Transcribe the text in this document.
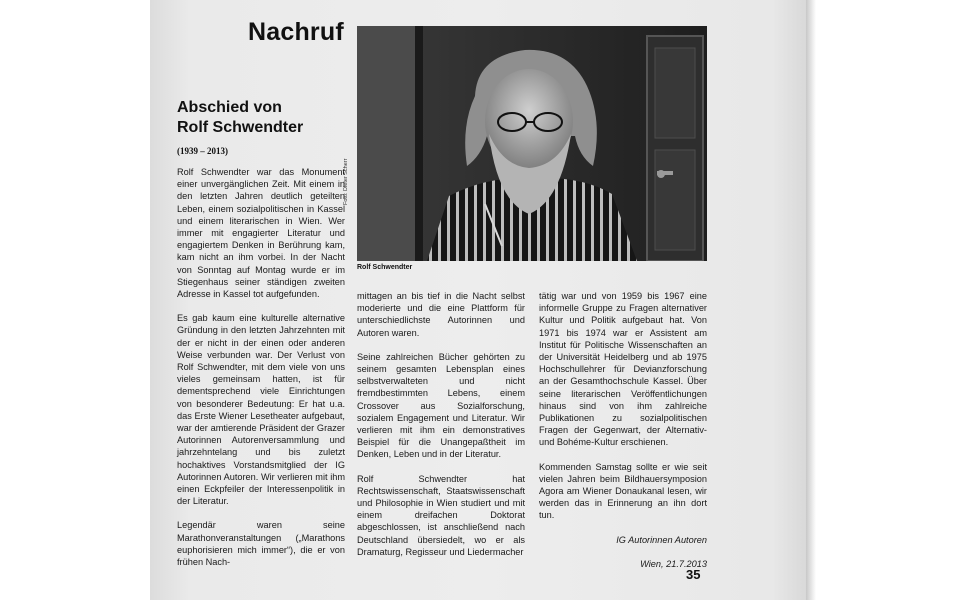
Nachruf
Abschied von
Rolf Schwendter
(1939 – 2013)
Foto: Dieter Scherr
Rolf Schwendter

Rolf Schwendter war das Monument einer unvergänglichen Zeit. Mit einem in den letzten Jahren deutlich geteilten Leben, einem sozialpolitischen in Kassel und einem literarischen in Wien. Wer immer mit engagierter Literatur und engagiertem Denken in Berührung kam, kam nicht an ihm vorbei. In der Nacht von Sonntag auf Montag wurde er im Stiegenhaus seiner ständigen zweiten Adresse in Kassel tot aufgefunden.

Es gab kaum eine kulturelle alternative Gründung in den letzten Jahrzehnten mit der er nicht in der einen oder anderen Weise verbunden war. Der Verlust von Rolf Schwendter, mit dem viele von uns vieles gemeinsam hatten, ist für dementsprechend viele Einrichtungen von besonderer Bedeutung: Er hat u.a. das Erste Wiener Lesetheater aufgebaut, war der amtierende Präsident der Grazer Autorinnen Autorenversammlung und jahrzehntelang und bis zuletzt hochaktives Vorstandsmitglied der IG Autorinnen Autoren. Wir verlieren mit ihm einen Eckpfeiler der Interessenpolitik in der Literatur.

Legendär waren seine Marathonveranstaltungen („Marathons euphorisieren mich immer“), die er von frühen Nach-

mittagen an bis tief in die Nacht selbst moderierte und die eine Plattform für unterschiedlichste Autorinnen und Autoren waren.

Seine zahlreichen Bücher gehörten zu seinem gesamten Lebensplan eines selbstverwalteten und nicht fremdbestimmten Lebens, einem Crossover aus Sozialforschung, sozialem Engagement und Literatur. Wir verlieren mit ihm ein demonstratives Beispiel für die Unangepaßtheit im Denken, Leben und in der Literatur.

Rolf Schwendter hat Rechtswissenschaft, Staatswissenschaft und Philosophie in Wien studiert und mit einem dreifachen Doktorat abgeschlossen, ist anschließend nach Deutschland übersiedelt, wo er als Dramaturg, Regisseur und Liedermacher

tätig war und von 1959 bis 1967 eine informelle Gruppe zu Fragen alternativer Kultur und Politik aufgebaut hat. Von 1971 bis 1974 war er Assistent am Institut für Politische Wissenschaften an der Universität Heidelberg und ab 1975 Hochschullehrer für Devianzforschung an der Gesamthochschule Kassel. Über seine literarischen Veröffentlichungen hinaus sind von ihm zahlreiche Publikationen zu sozialpolitischen Fragen der Gegenwart, der Alternativ- und Bohéme-Kultur erschienen.

Kommenden Samstag sollte er wie seit vielen Jahren beim Bildhauersymposion Agora am Wiener Donaukanal lesen, wir werden das in Erinnerung an ihn dort tun.

IG Autorinnen Autoren

Wien, 21.7.2013

35
